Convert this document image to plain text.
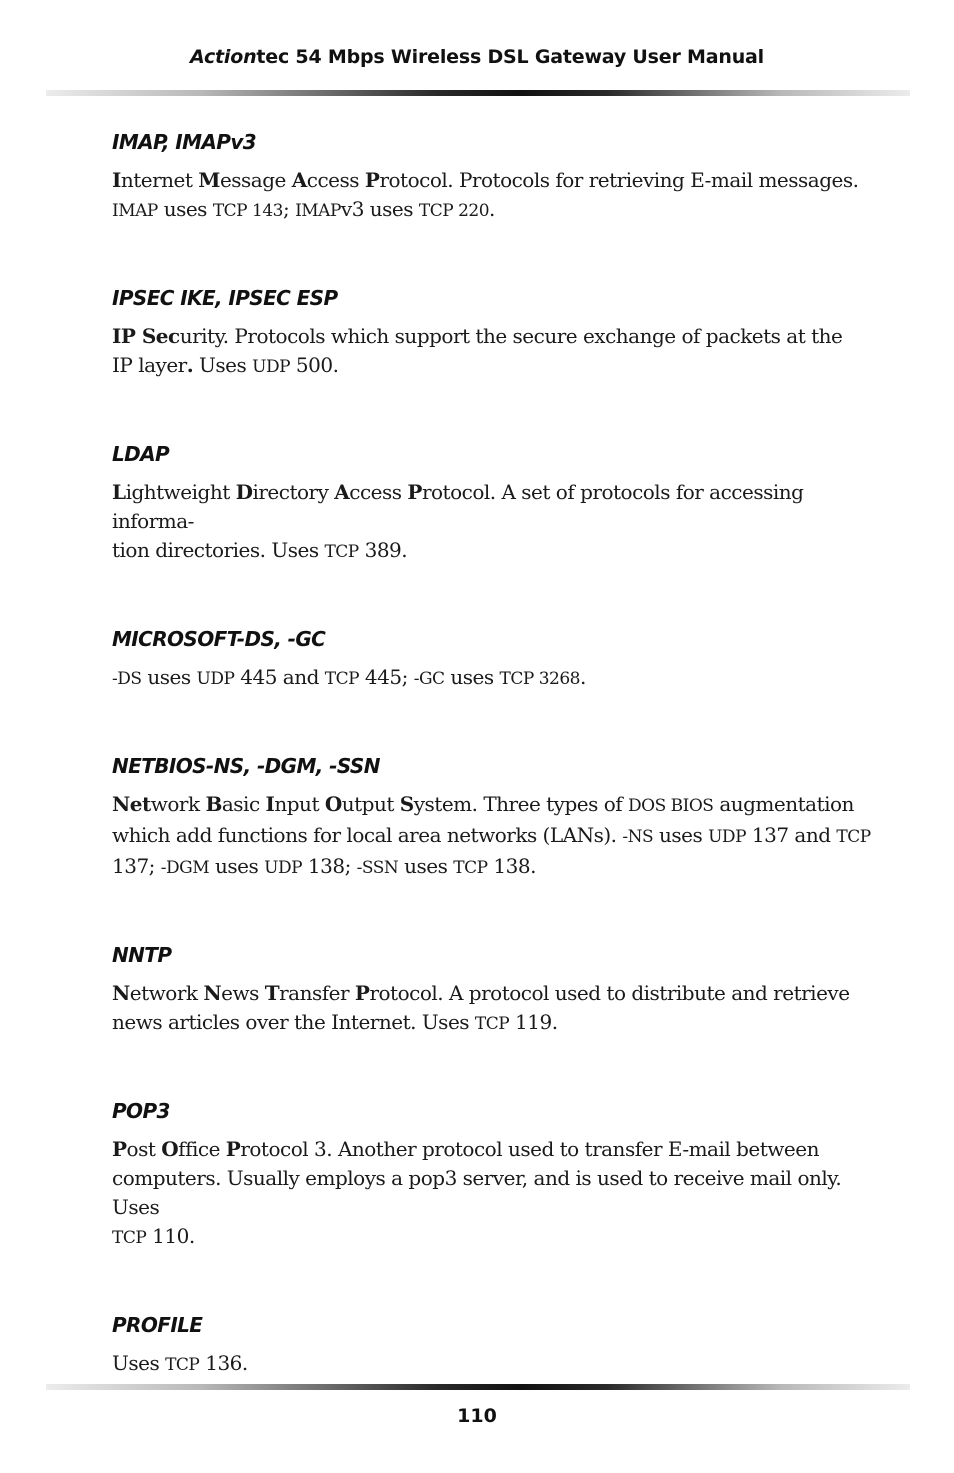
Actiontec 54 Mbps Wireless DSL Gateway User Manual
IMAP, IMAPv3

Internet Message Access Protocol. Protocols for retrieving E-mail messages.
IMAP uses TCP 143; IMAPv3 uses TCP 220.

IPSEC IKE, IPSEC ESP

IP Security. Protocols which support the secure exchange of packets at the
IP layer. Uses UDP 500.

LDAP

Lightweight Directory Access Protocol. A set of protocols for accessing informa-
tion directories. Uses TCP 389.

MICROSOFT-DS, -GC

-DS uses UDP 445 and TCP 445; -GC uses TCP 3268.

NETBIOS-NS, -DGM, -SSN

Network Basic Input Output System. Three types of DOS BIOS augmentation
which add functions for local area networks (LANs). -NS uses UDP 137 and TCP
137; -DGM uses UDP 138; -SSN uses TCP 138.

NNTP

Network News Transfer Protocol. A protocol used to distribute and retrieve
news articles over the Internet. Uses TCP 119.

POP3

Post Office Protocol 3. Another protocol used to transfer E-mail between
computers. Usually employs a pop3 server, and is used to receive mail only. Uses
TCP 110.

PROFILE

Uses TCP 136.

110
